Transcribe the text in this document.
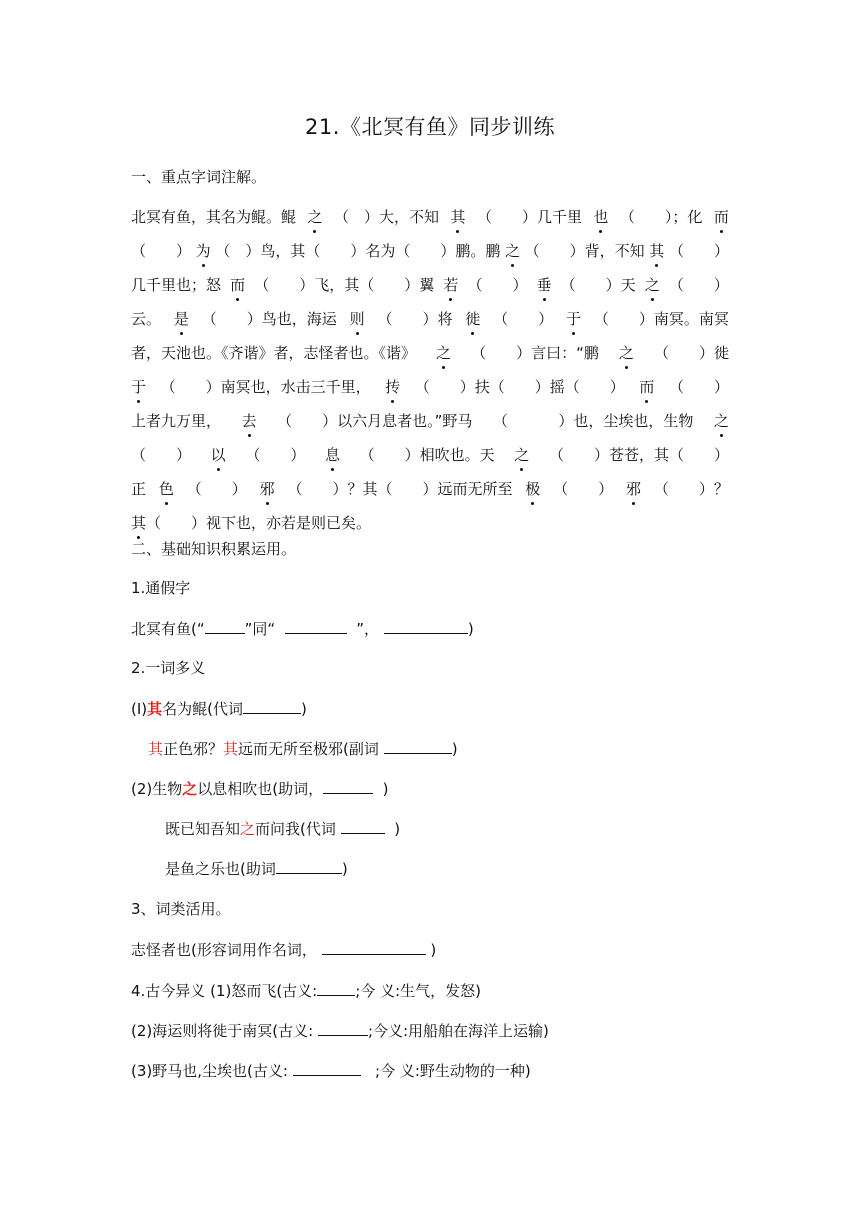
21.《北冥有鱼》同步训练
一、重点字词注解。
北冥有鱼，其名为鲲。鲲 之 （　）大，不知 其 （　　）几千里 也 （　　）；化 而
（　　） 为 （　）鸟，其（　　）名为（　　）鹏。鹏 之 （　　）背，不知 其 （　　）
几千里也；怒 而 （　　）飞，其（　　）翼 若 （　　） 垂 （　　）天 之 （　　）
云。 是 （　　）鸟也，海运 则 （　　）将 徙 （　　） 于 （　　）南冥。南冥
者，天池也。《齐谐》者，志怪者也。《谐》 之 （　　）言曰：“鹏 之 （　　）徙
于 （　　）南冥也，水击三千里， 抟 （　　）扶（　　）摇（　　） 而 （　　）
上者九万里， 去 （　　）以六月息者也。”野马 （ 　　）也，尘埃也，生物 之
（　　） 以 （　　） 息 （　　）相吹也。天 之 （　　）苍苍，其（　　）
正 色 （　　） 邪 （　　）？其（　　）远而无所至 极 （　　） 邪 （　　）？
其 （　　）视下也，亦若是则已矣。
二、基础知识积累运用。
1.通假字
北冥有鱼(“	”同“	”，	)
2.一词多义
(Ⅰ)其名为鲲(代词	)
其正色邪？其远而无所至极邪(副词	)
(2)生物之以息相吹也(助词，	)
既已知吾知之而问我(代词	)
是鱼之乐也(助词	)
3、词类活用。
志怪者也(形容词用作名词，	)
4.古今异义 (1)怒而飞(古义:	;今 义:生气，发怒)
(2)海运则将徙于南冥(古义:	;今义:用船舶在海洋上运输)
(3)野马也,尘埃也(古义:	;今 义:野生动物的一种)
